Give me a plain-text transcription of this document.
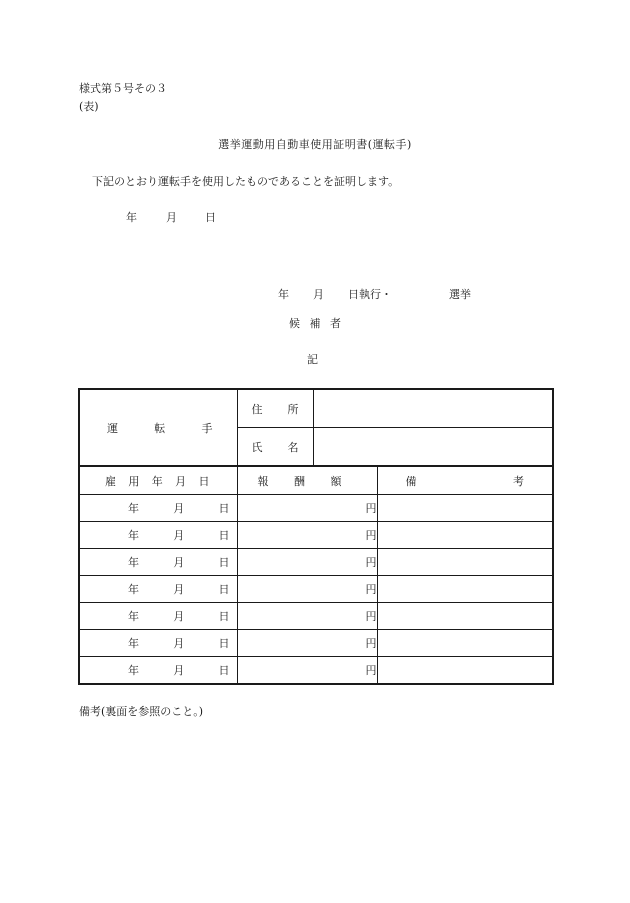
様式第５号その３
(表)
選挙運動用自動車使用証明書(運転手)
下記のとおり運転手を使用したものであることを証明します。
年	月	日
年 月 日執行・	選挙
候 補 者
記
運 転 手	住 所		

	氏 名		

雇 用 年 月 日	報 酬 額		備 考

年 月 日	円		

年 月 日	円		

年 月 日	円		

年 月 日	円		

年 月 日	円		

年 月 日	円		

年 月 日	円		
備考(裏面を参照のこと。)
